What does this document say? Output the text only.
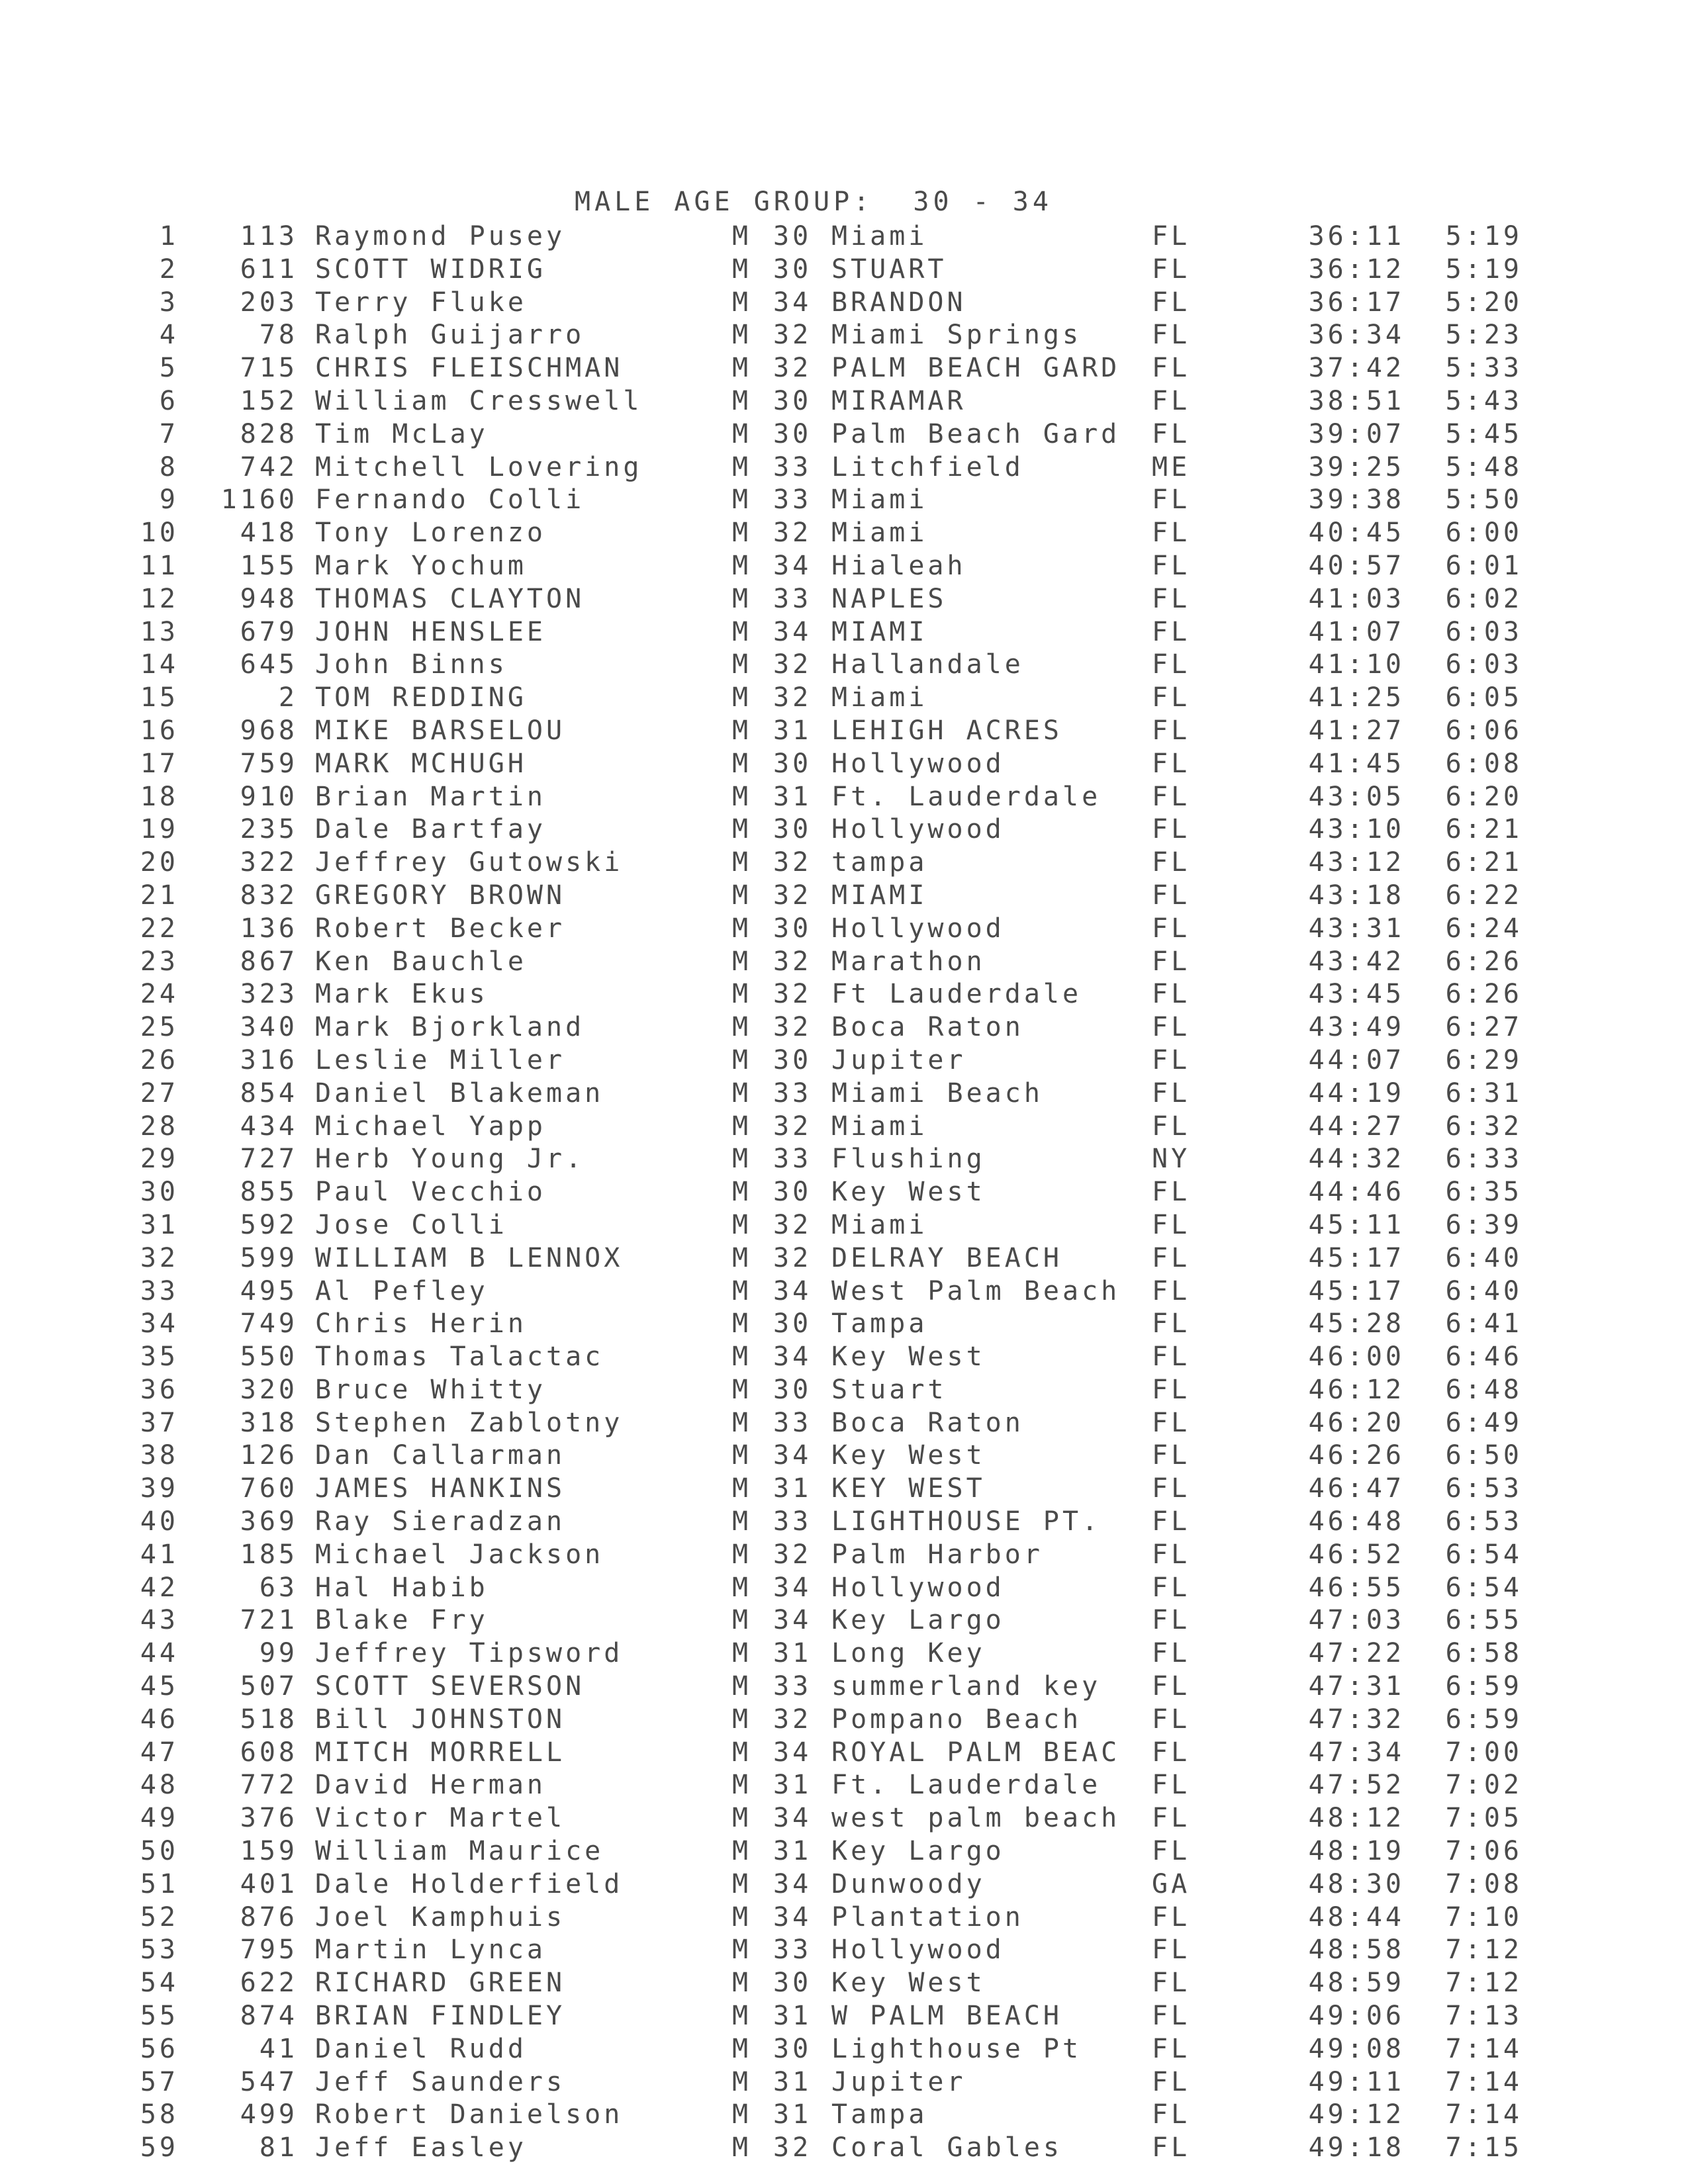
MALE AGE GROUP:  30 - 34
1	113 Raymond Pusey	M 30 Miami	FL	36:11	5:19
2	611 SCOTT WIDRIG	M 30 STUART	FL	36:12	5:19
3	203 Terry Fluke	M 34 BRANDON	FL	36:17	5:20
4	78 Ralph Guijarro	M 32 Miami Springs	FL	36:34	5:23
5	715 CHRIS FLEISCHMAN	M 32 PALM BEACH GARD FL	37:42	5:33
6	152 William Cresswell	M 30 MIRAMAR	FL	38:51	5:43
7	828 Tim McLay	M 30 Palm Beach Gard FL	39:07	5:45
8	742 Mitchell Lovering	M 33 Litchfield	ME	39:25	5:48
9	1160 Fernando Colli	M 33 Miami	FL	39:38	5:50
10	418 Tony Lorenzo	M 32 Miami	FL	40:45	6:00
11	155 Mark Yochum	M 34 Hialeah	FL	40:57	6:01
12	948 THOMAS CLAYTON	M 33 NAPLES	FL	41:03	6:02
13	679 JOHN HENSLEE	M 34 MIAMI	FL	41:07	6:03
14	645 John Binns	M 32 Hallandale	FL	41:10	6:03
15	2 TOM REDDING	M 32 Miami	FL	41:25	6:05
16	968 MIKE BARSELOU	M 31 LEHIGH ACRES	FL	41:27	6:06
17	759 MARK MCHUGH	M 30 Hollywood	FL	41:45	6:08
18	910 Brian Martin	M 31 Ft. Lauderdale FL	43:05	6:20
19	235 Dale Bartfay	M 30 Hollywood	FL	43:10	6:21
20	322 Jeffrey Gutowski	M 32 tampa	FL	43:12	6:21
21	832 GREGORY BROWN	M 32 MIAMI	FL	43:18	6:22
22	136 Robert Becker	M 30 Hollywood	FL	43:31	6:24
23	867 Ken Bauchle	M 32 Marathon	FL	43:42	6:26
24	323 Mark Ekus	M 32 Ft Lauderdale	FL	43:45	6:26
25	340 Mark Bjorkland	M 32 Boca Raton	FL	43:49	6:27
26	316 Leslie Miller	M 30 Jupiter	FL	44:07	6:29
27	854 Daniel Blakeman	M 33 Miami Beach	FL	44:19	6:31
28	434 Michael Yapp	M 32 Miami	FL	44:27	6:32
29	727 Herb Young Jr.	M 33 Flushing	NY	44:32	6:33
30	855 Paul Vecchio	M 30 Key West	FL	44:46	6:35
31	592 Jose Colli	M 32 Miami	FL	45:11	6:39
32	599 WILLIAM B LENNOX	M 32 DELRAY BEACH	FL	45:17	6:40
33	495 Al Pefley	M 34 West Palm Beach FL	45:17	6:40
34	749 Chris Herin	M 30 Tampa	FL	45:28	6:41
35	550 Thomas Talactac	M 34 Key West	FL	46:00	6:46
36	320 Bruce Whitty	M 30 Stuart	FL	46:12	6:48
37	318 Stephen Zablotny	M 33 Boca Raton	FL	46:20	6:49
38	126 Dan Callarman	M 34 Key West	FL	46:26	6:50
39	760 JAMES HANKINS	M 31 KEY WEST	FL	46:47	6:53
40	369 Ray Sieradzan	M 33 LIGHTHOUSE PT. FL	46:48	6:53
41	185 Michael Jackson	M 32 Palm Harbor	FL	46:52	6:54
42	63 Hal Habib	M 34 Hollywood	FL	46:55	6:54
43	721 Blake Fry	M 34 Key Largo	FL	47:03	6:55
44	99 Jeffrey Tipsword	M 31 Long Key	FL	47:22	6:58
45	507 SCOTT SEVERSON	M 33 summerland key FL	47:31	6:59
46	518 Bill JOHNSTON	M 32 Pompano Beach	FL	47:32	6:59
47	608 MITCH MORRELL	M 34 ROYAL PALM BEAC FL	47:34	7:00
48	772 David Herman	M 31 Ft. Lauderdale FL	47:52	7:02
49	376 Victor Martel	M 34 west palm beach FL	48:12	7:05
50	159 William Maurice	M 31 Key Largo	FL	48:19	7:06
51	401 Dale Holderfield	M 34 Dunwoody	GA	48:30	7:08
52	876 Joel Kamphuis	M 34 Plantation	FL	48:44	7:10
53	795 Martin Lynca	M 33 Hollywood	FL	48:58	7:12
54	622 RICHARD GREEN	M 30 Key West	FL	48:59	7:12
55	874 BRIAN FINDLEY	M 31 W PALM BEACH	FL	49:06	7:13
56	41 Daniel Rudd	M 30 Lighthouse Pt	FL	49:08	7:14
57	547 Jeff Saunders	M 31 Jupiter	FL	49:11	7:14
58	499 Robert Danielson	M 31 Tampa	FL	49:12	7:14
59	81 Jeff Easley	M 32 Coral Gables	FL	49:18	7:15
